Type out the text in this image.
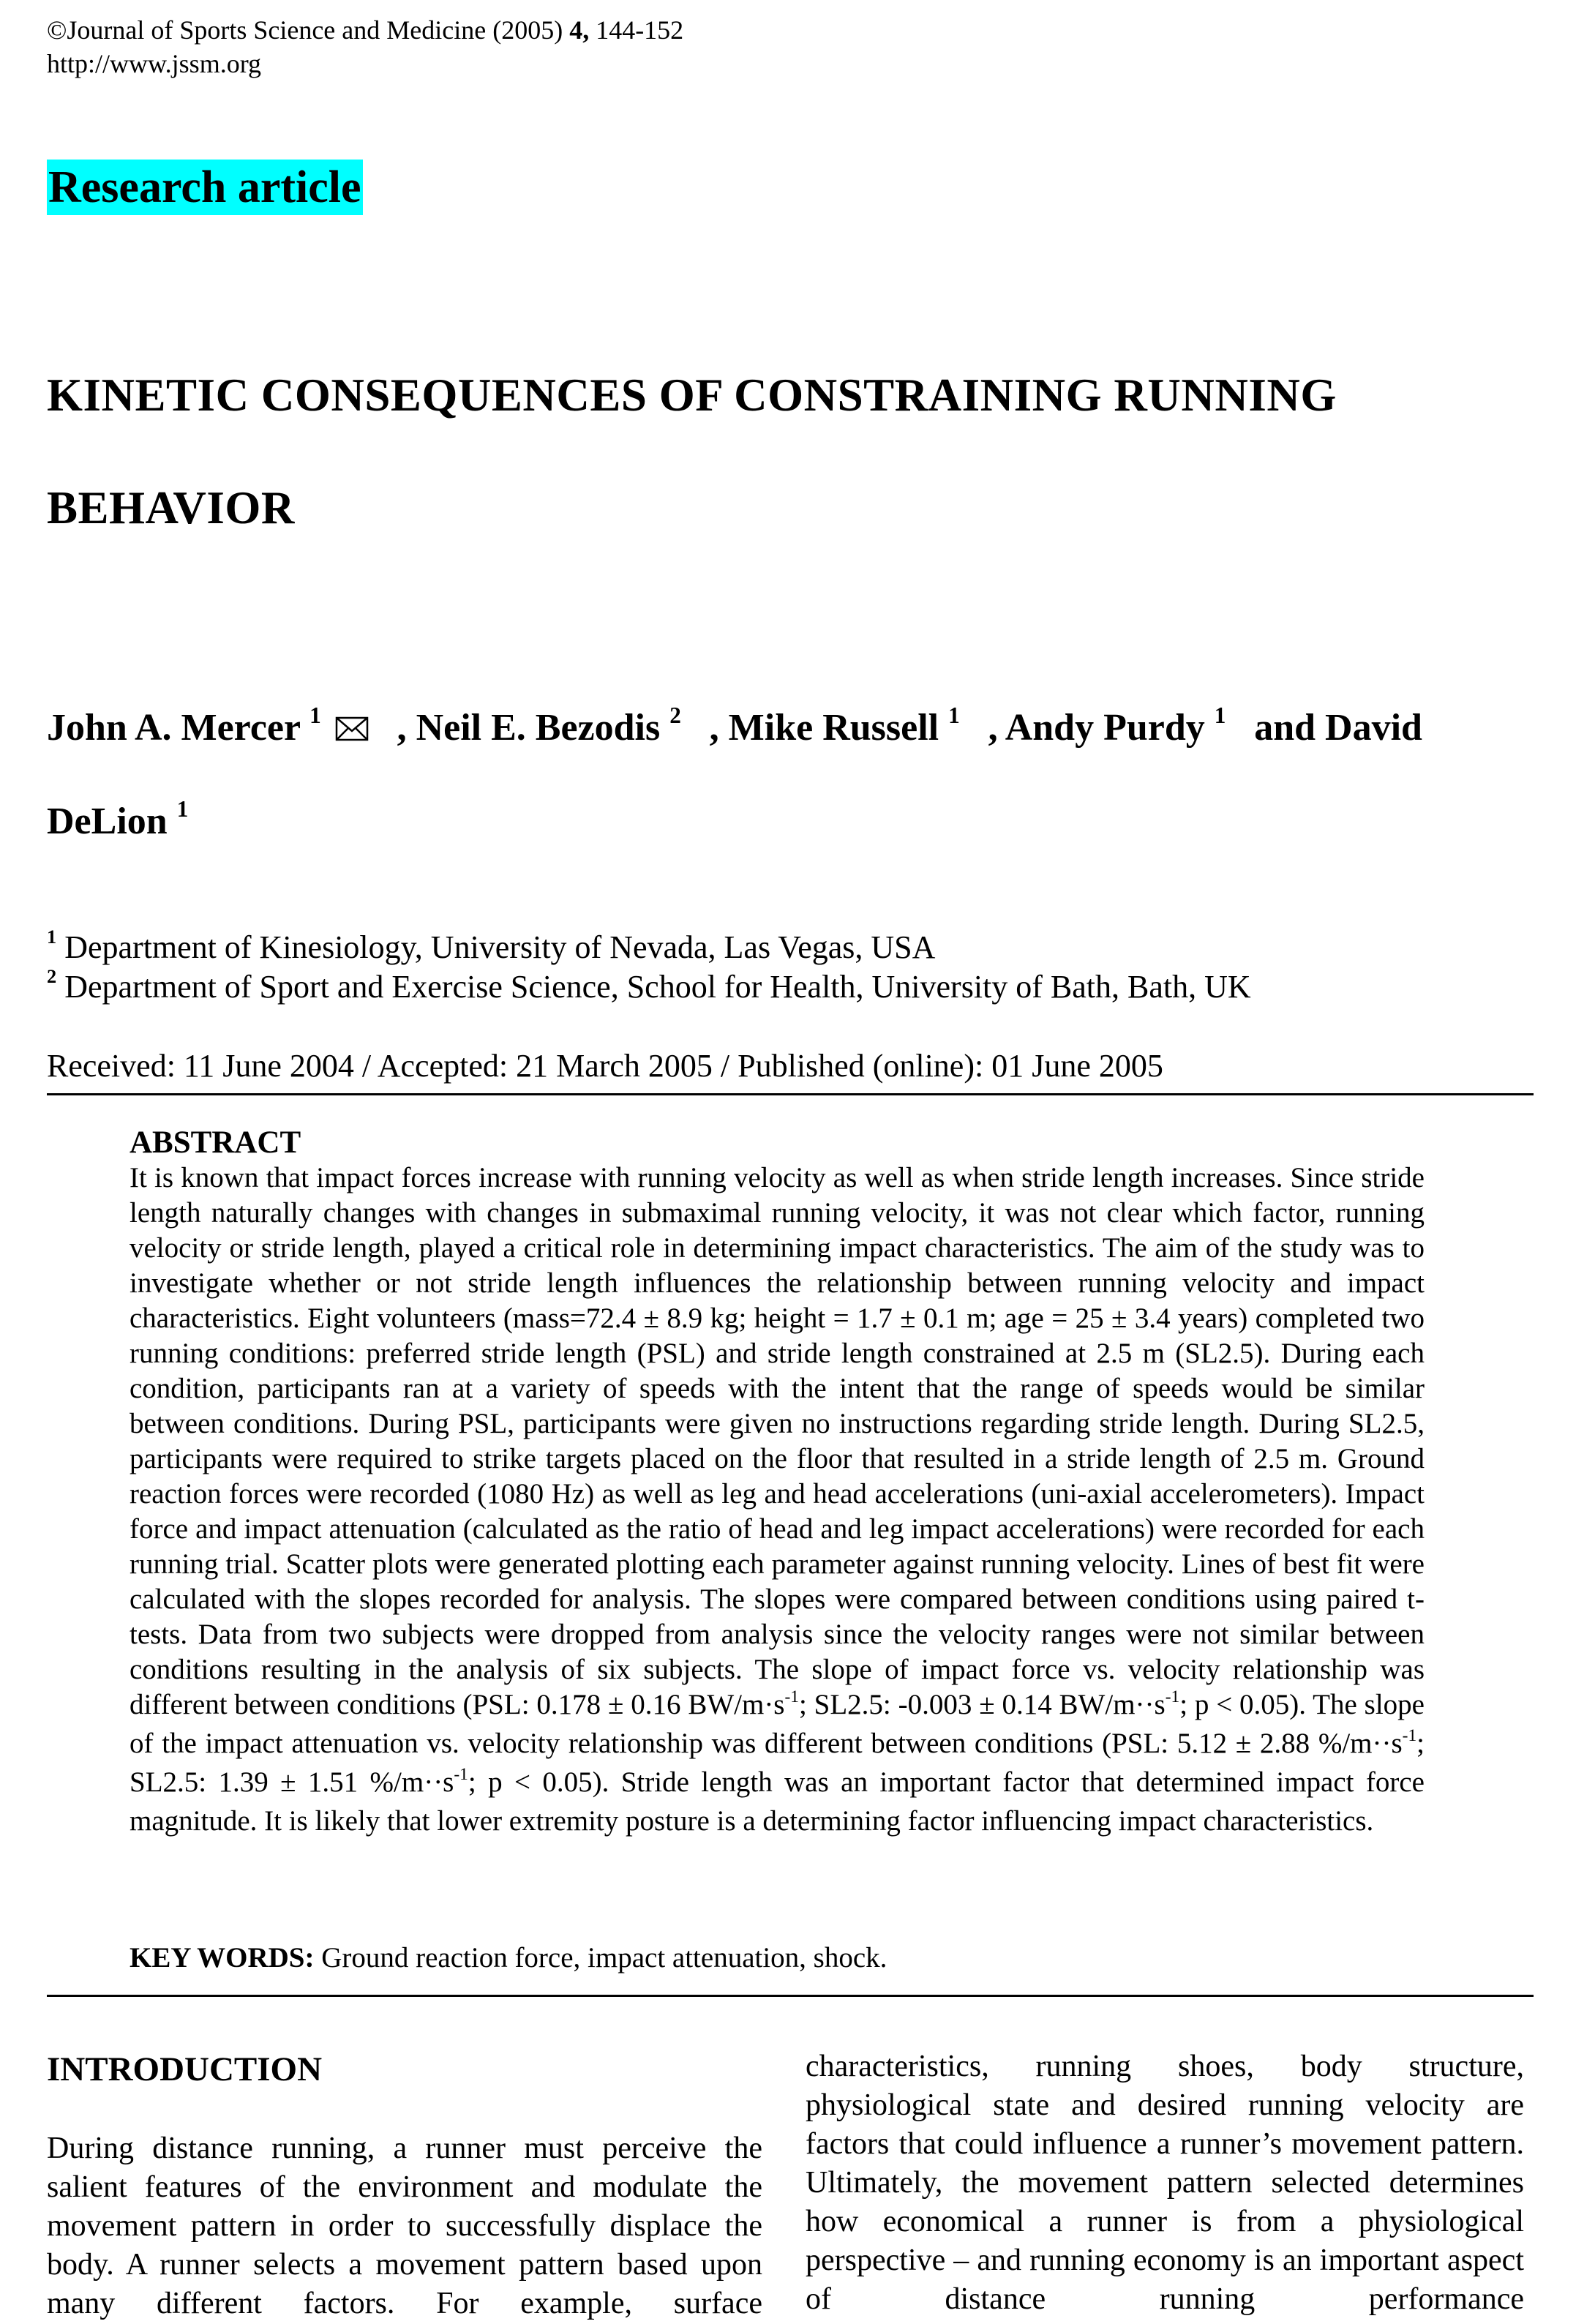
©Journal of Sports Science and Medicine (2005) 4, 144-152
http://www.jssm.org
Research article
KINETIC CONSEQUENCES OF CONSTRAINING RUNNING
BEHAVIOR
John A. Mercer $^1$	, Neil E. Bezodis $^2$ , Mike Russell $^1$ , Andy Purdy $^1$ and David
DeLion $^1$
$^1$ Department of Kinesiology, University of Nevada, Las Vegas, USA
$^2$ Department of Sport and Exercise Science, School for Health, University of Bath, Bath, UK
Received: 11 June 2004 / Accepted: 21 March 2005 / Published (online): 01 June 2005

ABSTRACT

It is known that impact forces increase with running velocity as well as when stride length increases. Since stride length naturally changes with changes in submaximal running velocity, it was not clear which factor, running velocity or stride length, played a critical role in determining impact characteristics. The aim of the study was to investigate whether or not stride length influences the relationship between running velocity and impact characteristics. Eight volunteers (mass=72.4 ± 8.9 kg; height = 1.7 ± 0.1 m; age = 25 ± 3.4 years) completed two running conditions: preferred stride length (PSL) and stride length constrained at 2.5 m (SL2.5). During each condition, participants ran at a variety of speeds with the intent that the range of speeds would be similar between conditions. During PSL, participants were given no instructions regarding stride length. During SL2.5, participants were required to strike targets placed on the floor that resulted in a stride length of 2.5 m. Ground reaction forces were recorded (1080 Hz) as well as leg and head accelerations (uni-axial accelerometers). Impact force and impact attenuation (calculated as the ratio of head and leg impact accelerations) were recorded for each running trial. Scatter plots were generated plotting each parameter against running velocity. Lines of best fit were calculated with the slopes recorded for analysis. The slopes were compared between conditions using paired t-tests. Data from two subjects were dropped from analysis since the velocity ranges were not similar between conditions resulting in the analysis of six subjects. The slope of impact force vs. velocity relationship was different between conditions (PSL: 0.178 ± 0.16 $BW/m\cdot s^{-1}$; SL2.5: -0.003 ± 0.14 $BW/m\cdot\cdot s^{-1}$; p < 0.05). The slope of the impact attenuation vs. velocity relationship was different between conditions (PSL: 5.12 ± 2.88 $\%/m\cdot\cdot s^{-1}$; SL2.5: 1.39 ± 1.51 $\%/m\cdot\cdot s^{-1}$; p < 0.05). Stride length was an important factor that determined impact force magnitude. It is likely that lower extremity posture is a determining factor influencing impact characteristics.

KEY WORDS: Ground reaction force, impact attenuation, shock.
INTRODUCTION

During distance running, a runner must perceive the salient features of the environment and modulate the movement pattern in order to successfully displace the body. A runner selects a movement pattern based upon many different factors. For example, surface

characteristics, running shoes, body structure, physiological state and desired running velocity are factors that could influence a runner’s movement pattern. Ultimately, the movement pattern selected determines how economical a runner is from a physiological perspective – and running economy is an important aspect of distance running performance
